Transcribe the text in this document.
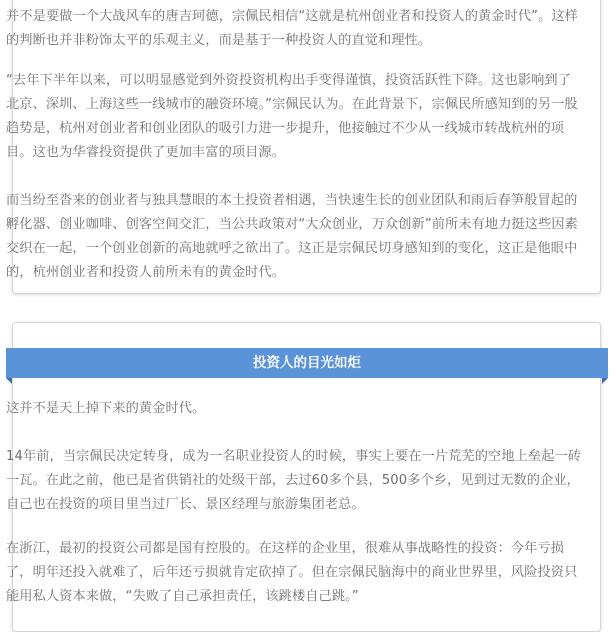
并不是要做一个大战风车的唐吉珂德，宗佩民相信“这就是杭州创业者和投资人的黄金时代”。这样的判断也并非粉饰太平的乐观主义，而是基于一种投资人的直觉和理性。

“去年下半年以来，可以明显感觉到外资投资机构出手变得谨慎，投资活跃性下降。这也影响到了北京、深圳、上海这些一线城市的融资环境。”宗佩民认为。在此背景下，宗佩民所感知到的另一股趋势是，杭州对创业者和创业团队的吸引力进一步提升，他接触过不少从一线城市转战杭州的项目。这也为华睿投资提供了更加丰富的项目源。

而当纷至沓来的创业者与独具慧眼的本土投资者相遇，当快速生长的创业团队和雨后春笋般冒起的孵化器、创业咖啡、创客空间交汇，当公共政策对“大众创业，万众创新”前所未有地力挺这些因素交织在一起，一个创业创新的高地就呼之欲出了。这正是宗佩民切身感知到的变化，这正是他眼中的，杭州创业者和投资人前所未有的黄金时代。

投资人的目光如炬

这并不是天上掉下来的黄金时代。

14年前，当宗佩民决定转身，成为一名职业投资人的时候，事实上要在一片荒芜的空地上垒起一砖一瓦。在此之前，他已是省供销社的处级干部，去过60多个县，500多个乡，见到过无数的企业，自己也在投资的项目里当过厂长、景区经理与旅游集团老总。

在浙江，最初的投资公司都是国有控股的。在这样的企业里，很难从事战略性的投资：今年亏损了，明年还投入就难了，后年还亏损就肯定砍掉了。但在宗佩民脑海中的商业世界里，风险投资只能用私人资本来做，“失败了自己承担责任，该跳楼自己跳。”
